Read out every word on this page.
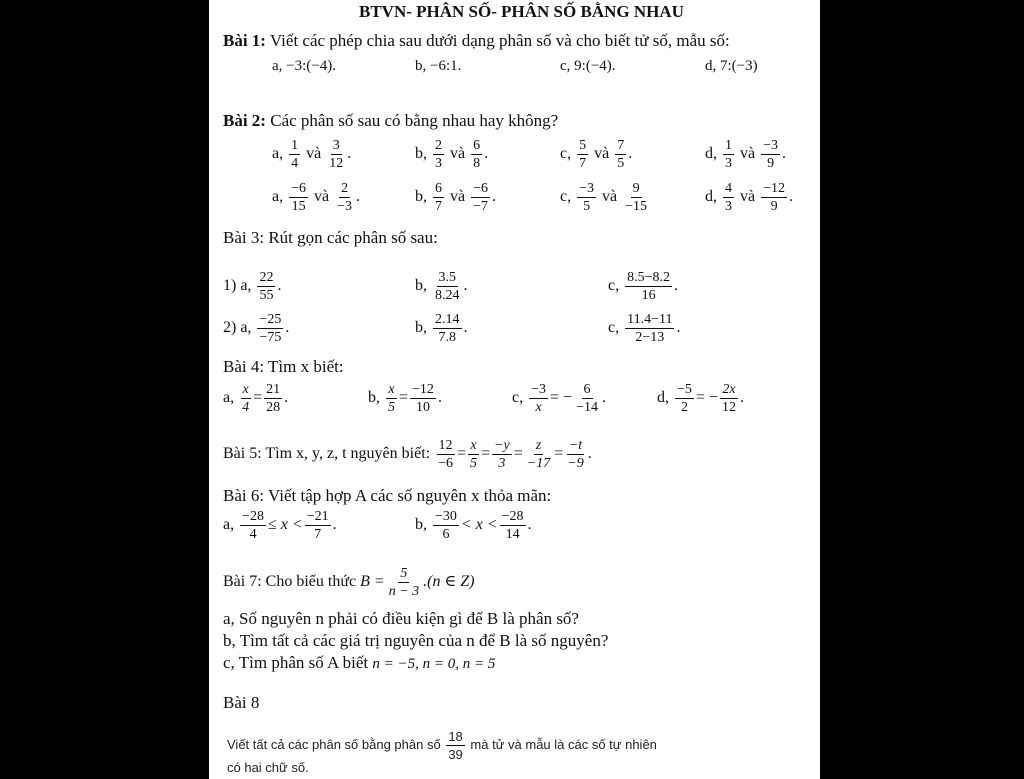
BTVN- PHÂN SỐ- PHÂN SỐ BẰNG NHAU
Bài 1: Viết các phép chia sau dưới dạng phân số và cho biết tử số, mẫu số:
a, −3:(−4).	b, −6:1.	c, 9:(−4).	d, 7:(−3)
Bài 2: Các phân số sau có bằng nhau hay không?
a, $\frac{1}{4}$ và $\frac{3}{12}$ .	b, $\frac{2}{3}$ và $\frac{6}{8}$ .	c, $\frac{5}{7}$ và $\frac{7}{5}$ .	d, $\frac{1}{3}$ và $\frac{-3}{9}$ .
a, $\frac{-6}{15}$ và $\frac{2}{-3}$ .	b, $\frac{6}{7}$ và $\frac{-6}{-7}$ .	c, $\frac{-3}{5}$ và $\frac{9}{-15}$	d, $\frac{4}{3}$ và $\frac{-12}{9}$ .
Bài 3: Rút gọn các phân số sau:
1) a, $\frac{22}{55}$ .	b, $\frac{3.5}{8.24}$ .	c, $\frac{8.5-8.2}{16}$ .
2) a, $\frac{-25}{-75}$ .	b, $\frac{2.14}{7.8}$ .	c, $\frac{11.4-11}{2-13}$ .
Bài 4: Tìm x biết:
a, $\frac{x}{4} = \frac{21}{28}$ .	b, $\frac{x}{5} = \frac{-12}{10}$ .	c, $\frac{-3}{x}$ = − $\frac{6}{-14}$ .	d, $\frac{-5}{2}$ = − $\frac{2x}{12}$ .
Bài 5: Tìm x, y, z, t nguyên biết: $\frac{12}{-6} = \frac{x}{5} = \frac{-y}{3} = \frac{z}{-17} = \frac{-t}{-9}$ .
Bài 6: Viết tập hợp A các số nguyên x thỏa mãn:
a, $\frac{-28}{4} \le x < \frac{-21}{7}$ .	b, $\frac{-30}{6} < x < \frac{-28}{14}$ .
Bài 7: Cho biểu thức $B = \frac{5}{n - 3} .(n$ ∈ Z)
a, Số nguyên n phải có điều kiện gì để B là phân số?
b, Tìm tất cả các giá trị nguyên của n để B là số nguyên?
c, Tìm phân số A biết n = −5, n = 0, n = 5
Bài 8
Viết tất cả các phân số bằng phân số $\frac{18}{39}$ mà tử và mẫu là các số tự nhiên
có hai chữ số.
